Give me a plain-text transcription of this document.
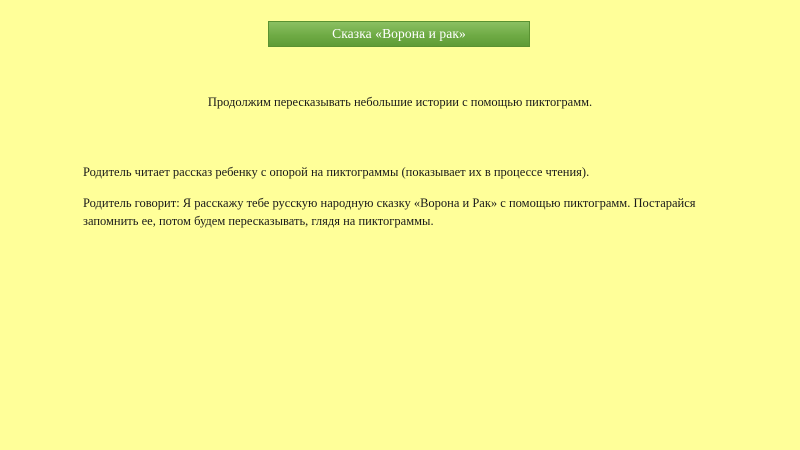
Сказка «Ворона и рак»
Продолжим пересказывать небольшие истории с помощью пиктограмм.
Родитель читает рассказ ребенку с опорой на пиктограммы (показывает их в процессе чтения).
Родитель говорит: Я расскажу тебе русскую народную сказку «Ворона и Рак» с помощью пиктограмм. Постарайся запомнить ее, потом будем пересказывать, глядя на пиктограммы.
